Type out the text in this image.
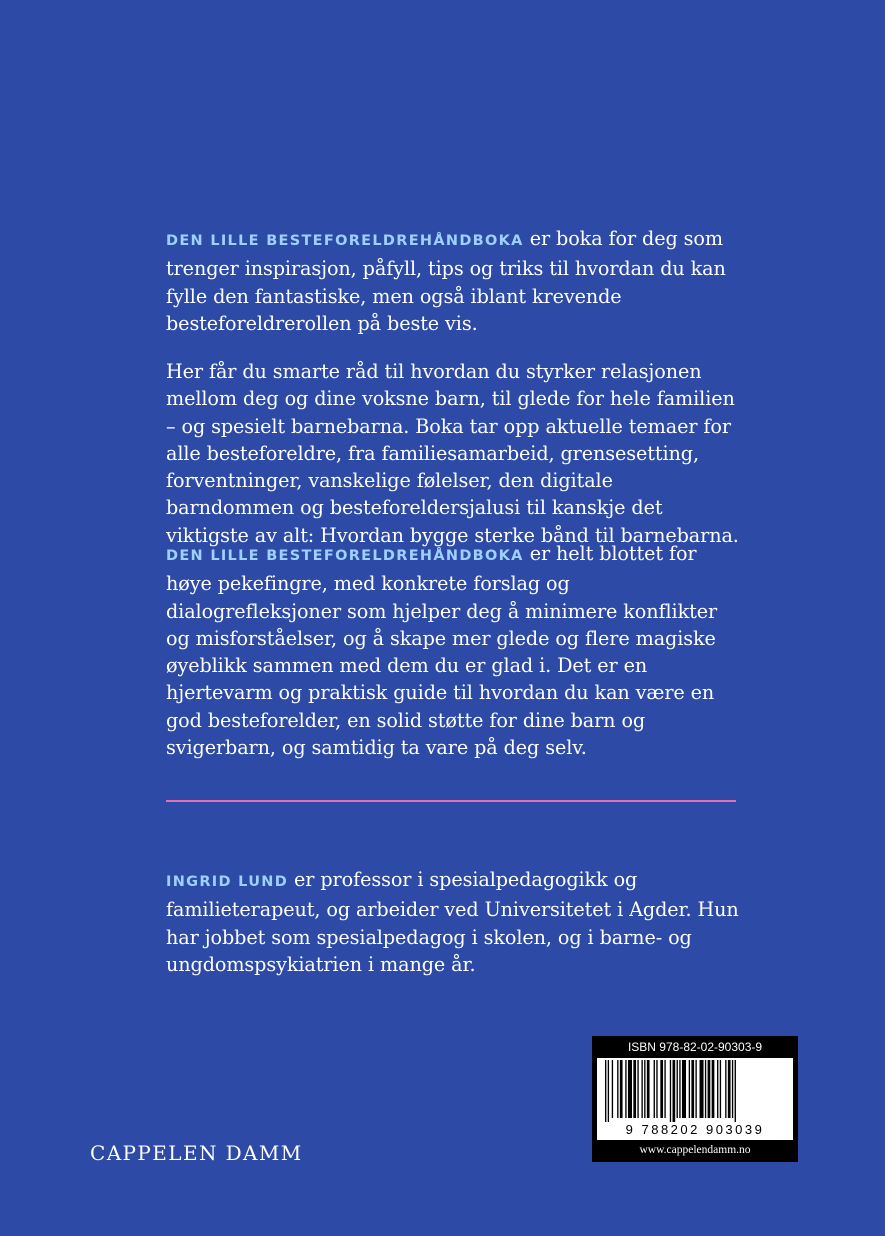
DEN LILLE BESTEFORELDREHÅNDBOKA er boka for deg som trenger inspirasjon, påfyll, tips og triks til hvordan du kan fylle den fantastiske, men også iblant krevende besteforeldrerollen på beste vis.

Her får du smarte råd til hvordan du styrker relasjonen mellom deg og dine voksne barn, til glede for hele familien – og spesielt barnebarna. Boka tar opp aktuelle temaer for alle besteforeldre, fra familiesamarbeid, grensesetting, forventninger, vanskelige følelser, den digitale barndommen og besteforeldersjalusi til kanskje det viktigste av alt: Hvordan bygge sterke bånd til barnebarna.

DEN LILLE BESTEFORELDREHÅNDBOKA er helt blottet for høye pekefingre, med konkrete forslag og dialogrefleksjoner som hjelper deg å minimere konflikter og misforståelser, og å skape mer glede og flere magiske øyeblikk sammen med dem du er glad i. Det er en hjertevarm og praktisk guide til hvordan du kan være en god besteforelder, en solid støtte for dine barn og svigerbarn, og samtidig ta vare på deg selv.

INGRID LUND er professor i spesialpedagogikk og familieterapeut, og arbeider ved Universitetet i Agder. Hun har jobbet som spesialpedagog i skolen, og i barne- og ungdomspsykiatrien i mange år.

CAPPELEN DAMM
ISBN 978-82-02-90303-9
9 788202 903039
www.cappelendamm.no
